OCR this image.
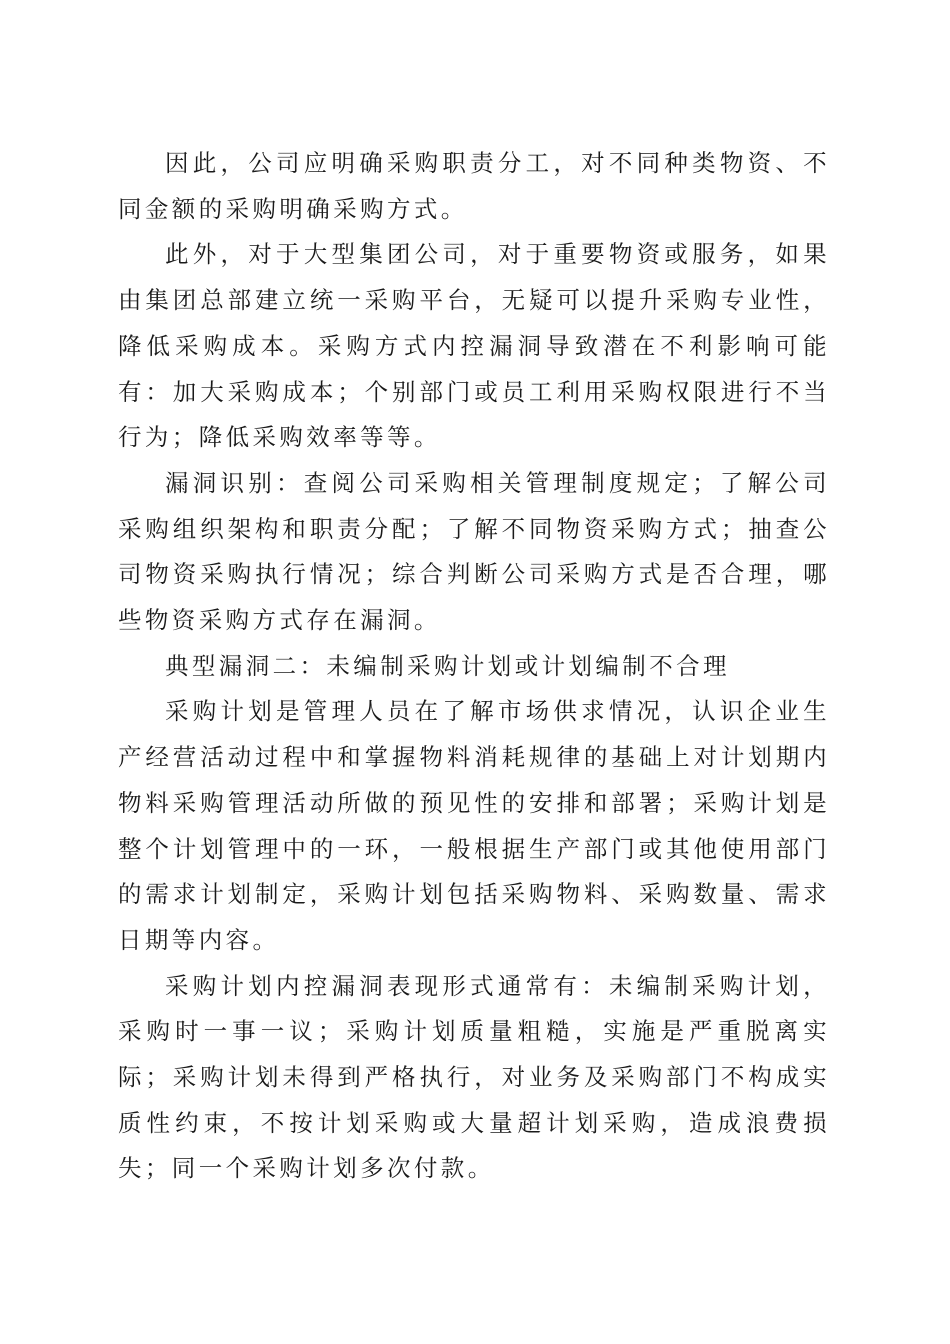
因此，公司应明确采购职责分工，对不同种类物资、不同金额的采购明确采购方式。

此外，对于大型集团公司，对于重要物资或服务，如果由集团总部建立统一采购平台，无疑可以提升采购专业性，降低采购成本。采购方式内控漏洞导致潜在不利影响可能有：加大采购成本；个别部门或员工利用采购权限进行不当行为；降低采购效率等等。

漏洞识别：查阅公司采购相关管理制度规定；了解公司采购组织架构和职责分配；了解不同物资采购方式；抽查公司物资采购执行情况；综合判断公司采购方式是否合理，哪些物资采购方式存在漏洞。

典型漏洞二：未编制采购计划或计划编制不合理

采购计划是管理人员在了解市场供求情况，认识企业生产经营活动过程中和掌握物料消耗规律的基础上对计划期内物料采购管理活动所做的预见性的安排和部署；采购计划是整个计划管理中的一环，一般根据生产部门或其他使用部门的需求计划制定，采购计划包括采购物料、采购数量、需求日期等内容。

采购计划内控漏洞表现形式通常有：未编制采购计划，采购时一事一议；采购计划质量粗糙，实施是严重脱离实际；采购计划未得到严格执行，对业务及采购部门不构成实质性约束，不按计划采购或大量超计划采购，造成浪费损失；同一个采购计划多次付款。
